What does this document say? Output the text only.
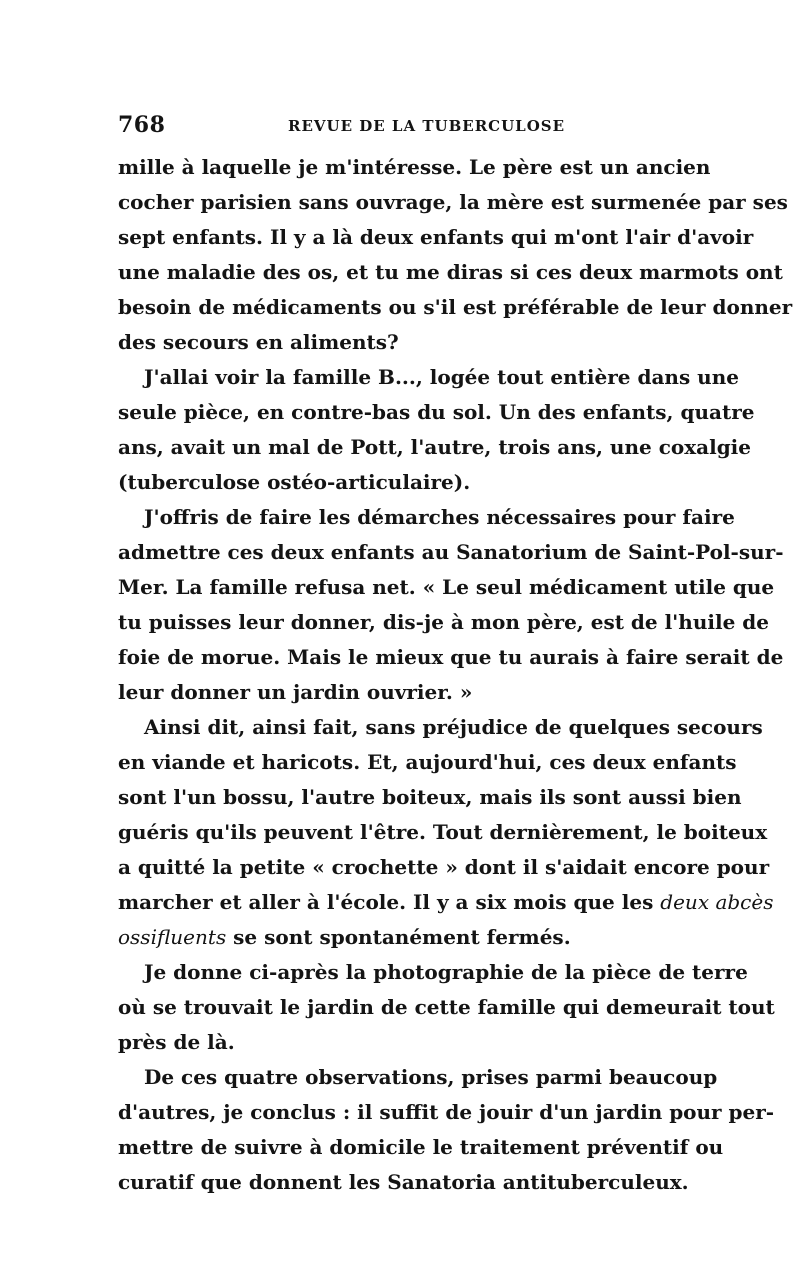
768	REVUE DE LA TUBERCULOSE
mille à laquelle je m'intéresse. Le père est un ancien
cocher parisien sans ouvrage, la mère est surmenée par ses
sept enfants. Il y a là deux enfants qui m'ont l'air d'avoir
une maladie des os, et tu me diras si ces deux marmots ont
besoin de médicaments ou s'il est préférable de leur donner
des secours en aliments?
J'allai voir la famille B..., logée tout entière dans une
seule pièce, en contre-bas du sol. Un des enfants, quatre
ans, avait un mal de Pott, l'autre, trois ans, une coxalgie
(tuberculose ostéo-articulaire).
J'offris de faire les démarches nécessaires pour faire
admettre ces deux enfants au Sanatorium de Saint-Pol-sur-
Mer. La famille refusa net. « Le seul médicament utile que
tu puisses leur donner, dis-je à mon père, est de l'huile de
foie de morue. Mais le mieux que tu aurais à faire serait de
leur donner un jardin ouvrier. »
Ainsi dit, ainsi fait, sans préjudice de quelques secours
en viande et haricots. Et, aujourd'hui, ces deux enfants
sont l'un bossu, l'autre boiteux, mais ils sont aussi bien
guéris qu'ils peuvent l'être. Tout dernièrement, le boiteux
a quitté la petite « crochette » dont il s'aidait encore pour
marcher et aller à l'école. Il y a six mois que les deux abcès
ossifluents se sont spontanément fermés.
Je donne ci-après la photographie de la pièce de terre
où se trouvait le jardin de cette famille qui demeurait tout
près de là.
De ces quatre observations, prises parmi beaucoup
d'autres, je conclus : il suffit de jouir d'un jardin pour per-
mettre de suivre à domicile le traitement préventif ou
curatif que donnent les Sanatoria antituberculeux.
